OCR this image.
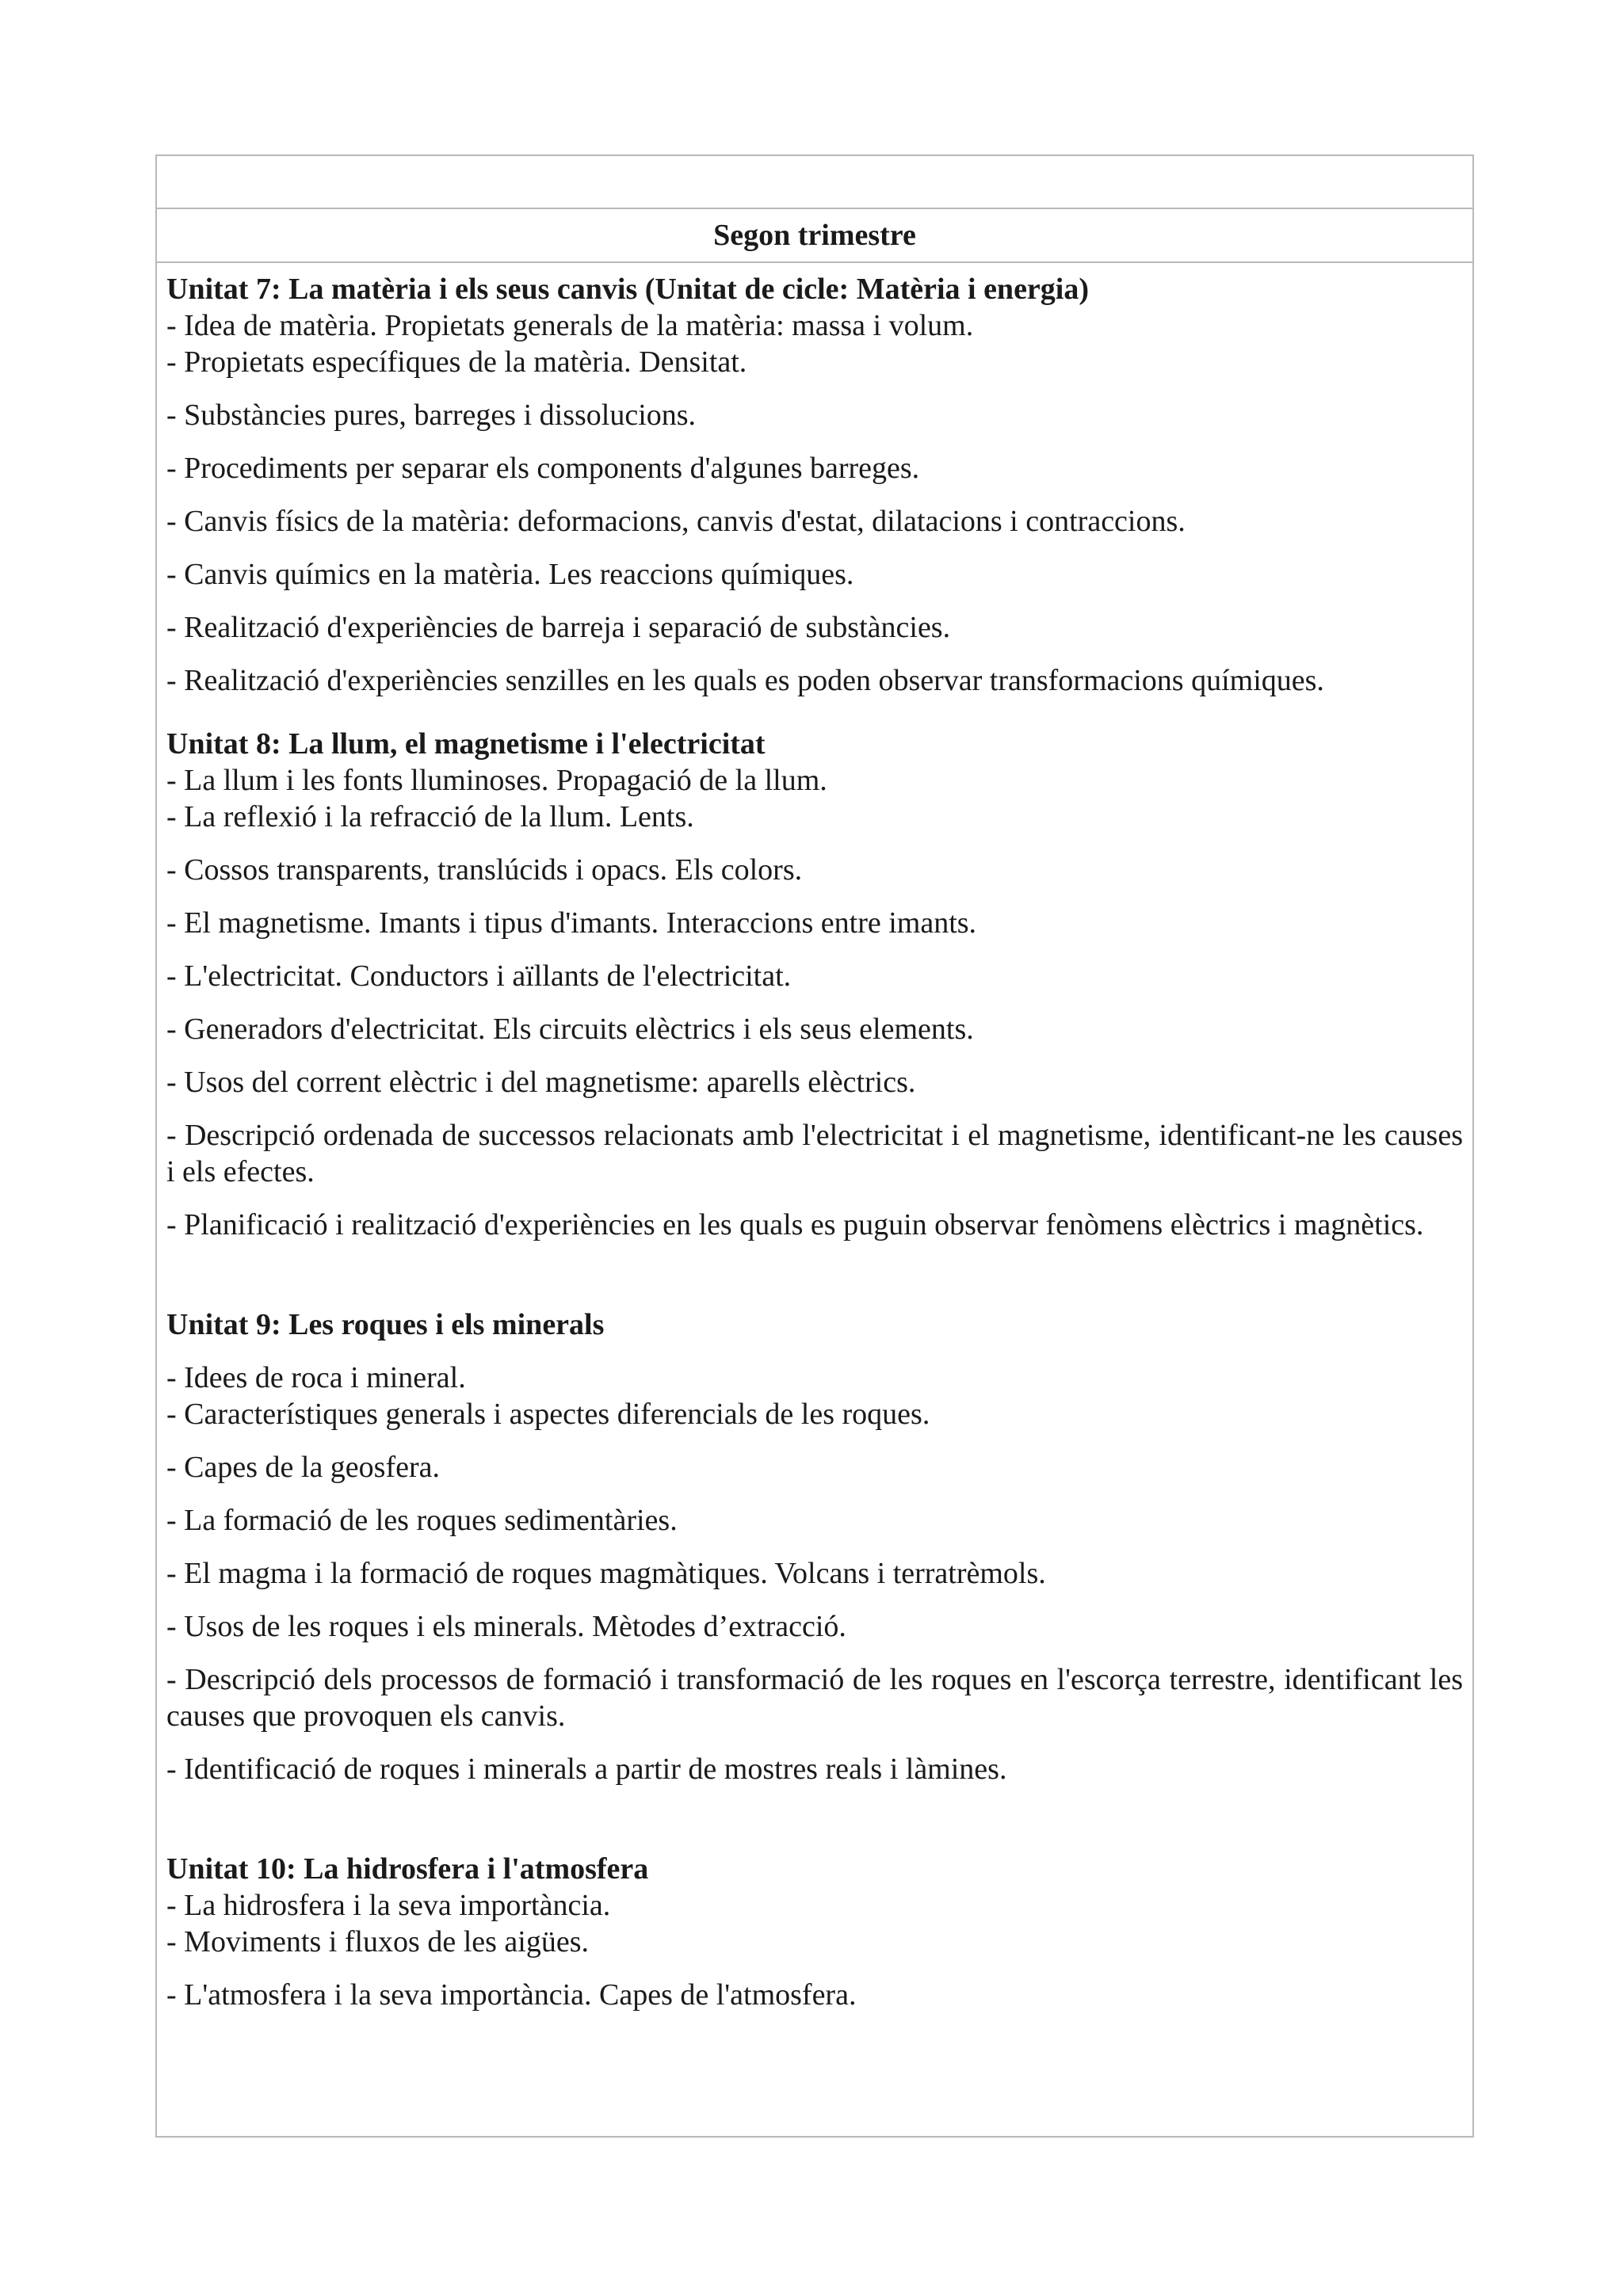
Segon trimestre

Unitat 7: La matèria i els seus canvis (Unitat de cicle: Matèria i energia)

- Idea de matèria. Propietats generals de la matèria: massa i volum.

- Propietats específiques de la matèria. Densitat.

- Substàncies pures, barreges i dissolucions.

- Procediments per separar els components d'algunes barreges.

- Canvis físics de la matèria: deformacions, canvis d'estat, dilatacions i contraccions.

- Canvis químics en la matèria. Les reaccions químiques.

- Realització d'experiències de barreja i separació de substàncies.

- Realització d'experiències senzilles en les quals es poden observar transformacions químiques.

Unitat 8: La llum, el magnetisme i l'electricitat

- La llum i les fonts lluminoses. Propagació de la llum.

- La reflexió i la refracció de la llum. Lents.

- Cossos transparents, translúcids i opacs. Els colors.

- El magnetisme. Imants i tipus d'imants. Interaccions entre imants.

- L'electricitat. Conductors i aïllants de l'electricitat.

- Generadors d'electricitat. Els circuits elèctrics i els seus elements.

- Usos del corrent elèctric i del magnetisme: aparells elèctrics.

- Descripció ordenada de successos relacionats amb l'electricitat i el magnetisme, identificant-ne les causes i els efectes.

- Planificació i realització d'experiències en les quals es puguin observar fenòmens elèctrics i magnètics.

Unitat 9: Les roques i els minerals

- Idees de roca i mineral.

- Característiques generals i aspectes diferencials de les roques.

- Capes de la geosfera.

- La formació de les roques sedimentàries.

- El magma i la formació de roques magmàtiques. Volcans i terratrèmols.

- Usos de les roques i els minerals. Mètodes d’extracció.

- Descripció dels processos de formació i transformació de les roques en l'escorça terrestre, identificant les causes que provoquen els canvis.

- Identificació de roques i minerals a partir de mostres reals i làmines.

Unitat 10: La hidrosfera i l'atmosfera

- La hidrosfera i la seva importància.

- Moviments i fluxos de les aigües.

- L'atmosfera i la seva importància. Capes de l'atmosfera.
